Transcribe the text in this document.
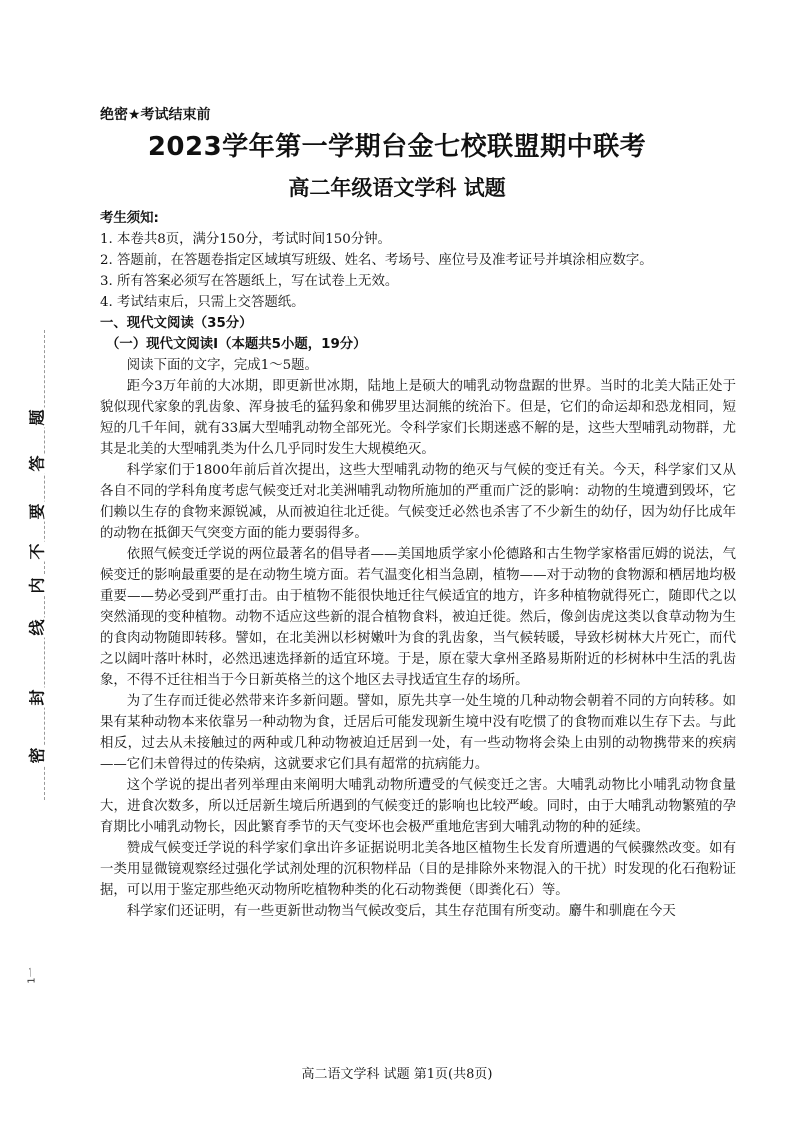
题
答
要
不
内
线
封
密
1一
绝密★考试结束前
2023学年第一学期台金七校联盟期中联考
高二年级语文学科 试题

考生须知:

1. 本卷共8页，满分150分，考试时间150分钟。

2. 答题前，在答题卷指定区域填写班级、姓名、考场号、座位号及准考证号并填涂相应数字。

3. 所有答案必须写在答题纸上，写在试卷上无效。

4. 考试结束后，只需上交答题纸。

一、现代文阅读（35分）

（一）现代文阅读Ⅰ（本题共5小题，19分）

阅读下面的文字，完成1～5题。

距今3万年前的大冰期，即更新世冰期，陆地上是硕大的哺乳动物盘踞的世界。当时的北美大陆正处于貌似现代家象的乳齿象、浑身披毛的猛犸象和佛罗里达洞熊的统治下。但是，它们的命运却和恐龙相同，短短的几千年间，就有33属大型哺乳动物全部死光。令科学家们长期迷惑不解的是，这些大型哺乳动物群，尤其是北美的大型哺乳类为什么几乎同时发生大规模绝灭。

科学家们于1800年前后首次提出，这些大型哺乳动物的绝灭与气候的变迁有关。今天，科学家们又从各自不同的学科角度考虑气候变迁对北美洲哺乳动物所施加的严重而广泛的影响：动物的生境遭到毁坏，它们赖以生存的食物来源锐减，从而被迫往北迁徙。气候变迁必然也杀害了不少新生的幼仔，因为幼仔比成年的动物在抵御天气突变方面的能力要弱得多。

依照气候变迁学说的两位最著名的倡导者——美国地质学家小伦德路和古生物学家格雷厄姆的说法，气候变迁的影响最重要的是在动物生境方面。若气温变化相当急剧，植物——对于动物的食物源和栖居地均极重要——势必受到严重打击。由于植物不能很快地迁往气候适宜的地方，许多种植物就得死亡，随即代之以突然涌现的变种植物。动物不适应这些新的混合植物食料，被迫迁徙。然后，像剑齿虎这类以食草动物为生的食肉动物随即转移。譬如，在北美洲以杉树嫩叶为食的乳齿象，当气候转暖，导致杉树林大片死亡，而代之以阔叶落叶林时，必然迅速选择新的适宜环境。于是，原在蒙大拿州圣路易斯附近的杉树林中生活的乳齿象，不得不迁往相当于今日新英格兰的这个地区去寻找适宜生存的场所。

为了生存而迁徙必然带来许多新问题。譬如，原先共享一处生境的几种动物会朝着不同的方向转移。如果有某种动物本来依靠另一种动物为食，迁居后可能发现新生境中没有吃惯了的食物而难以生存下去。与此相反，过去从未接触过的两种或几种动物被迫迁居到一处，有一些动物将会染上由别的动物携带来的疾病——它们未曾得过的传染病，这就要求它们具有超常的抗病能力。

这个学说的提出者列举理由来阐明大哺乳动物所遭受的气候变迁之害。大哺乳动物比小哺乳动物食量大，进食次数多，所以迁居新生境后所遇到的气候变迁的影响也比较严峻。同时，由于大哺乳动物繁殖的孕育期比小哺乳动物长，因此繁育季节的天气变坏也会极严重地危害到大哺乳动物的种的延续。

赞成气候变迁学说的科学家们拿出许多证据说明北美各地区植物生长发育所遭遇的气候骤然改变。如有一类用显微镜观察经过强化学试剂处理的沉积物样品（目的是排除外来物混入的干扰）时发现的化石孢粉证据，可以用于鉴定那些绝灭动物所吃植物种类的化石动物粪便（即粪化石）等。

科学家们还证明，有一些更新世动物当气候改变后，其生存范围有所变动。麝牛和驯鹿在今天

高二语文学科 试题 第1页(共8页)
